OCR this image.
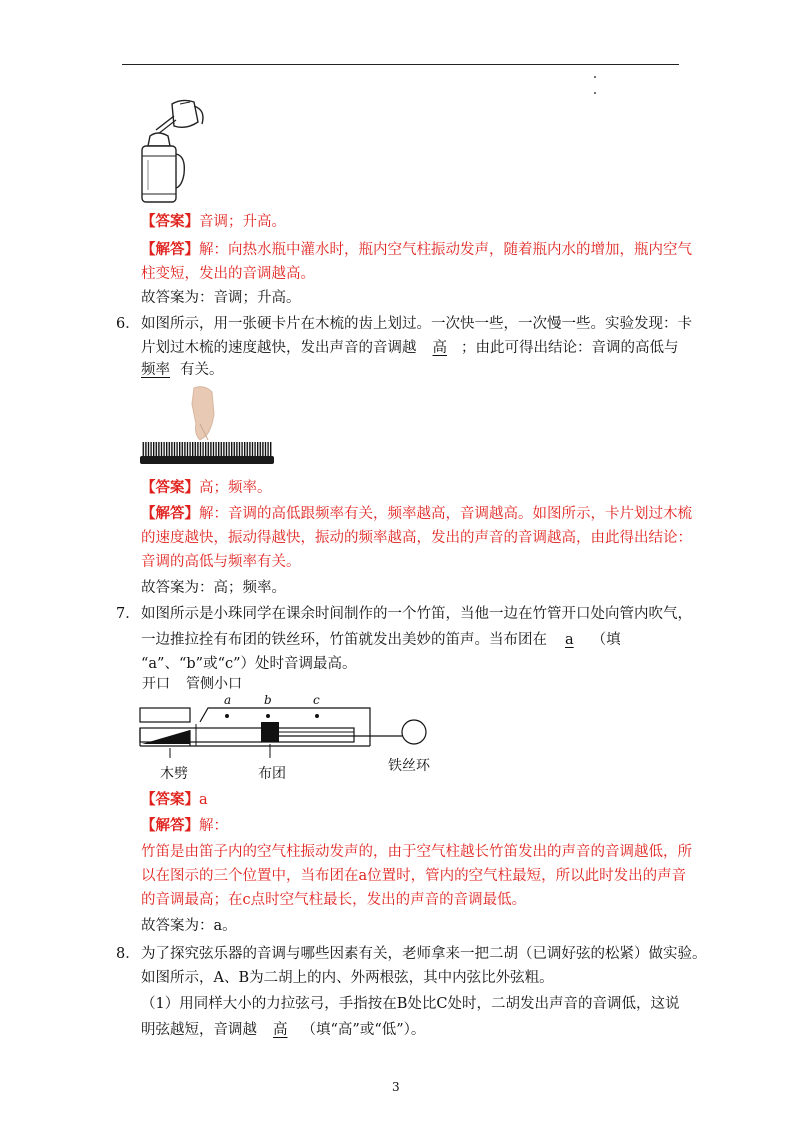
【答案】音调；升高。
【解答】解：向热水瓶中灌水时，瓶内空气柱振动发声，随着瓶内水的增加，瓶内空气
柱变短，发出的音调越高。
故答案为：音调；升高。
6． 如图所示，用一张硬卡片在木梳的齿上划过。一次快一些，一次慢一些。实验发现：卡
片划过木梳的速度越快，发出声音的音调越 高 ；由此可得出结论：音调的高低与
频率 有关。
【答案】高；频率。
【解答】解：音调的高低跟频率有关，频率越高，音调越高。如图所示，卡片划过木梳
的速度越快，振动得越快，振动的频率越高，发出的声音的音调越高，由此得出结论：
音调的高低与频率有关。
故答案为：高；频率。
7． 如图所示是小珠同学在课余时间制作的一个竹笛，当他一边在竹管开口处向管内吹气，
一边推拉拴有布团的铁丝环，竹笛就发出美妙的笛声。当布团在 a （填
“a”、“b”或“c”）处时音调最高。
开口 管侧小口
a	b	c
木劈	布团	铁丝环
【答案】a
【解答】解：
竹笛是由笛子内的空气柱振动发声的，由于空气柱越长竹笛发出的声音的音调越低，所
以在图示的三个位置中，当布团在a位置时，管内的空气柱最短，所以此时发出的声音
的音调最高；在c点时空气柱最长，发出的声音的音调最低。
故答案为：a。
8． 为了探究弦乐器的音调与哪些因素有关，老师拿来一把二胡（已调好弦的松紧）做实验。
如图所示，A、B为二胡上的内、外两根弦，其中内弦比外弦粗。
（1）用同样大小的力拉弦弓，手指按在B处比C处时，二胡发出声音的音调低，这说
明弦越短，音调越 高 （填“高”或“低”）。
3
